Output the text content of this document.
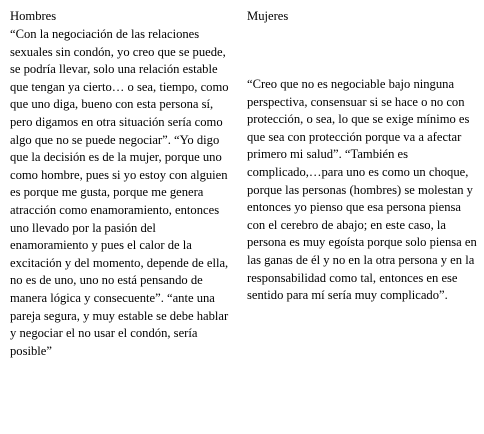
Hombres

“Con la negociación de las relaciones sexuales sin condón, yo creo que se puede, se podría llevar, solo una relación estable que tengan ya cierto… o sea, tiempo, como que uno diga, bueno con esta persona sí, pero digamos en otra situación sería como algo que no se puede negociar”. “Yo digo que la decisión es de la mujer, porque uno como hombre, pues si yo estoy con alguien es porque me gusta, porque me genera atracción como enamoramiento, entonces uno llevado por la pasión del enamoramiento y pues el calor de la excitación y del momento, depende de ella, no es de uno, uno no está pensando de manera lógica y consecuente”. “ante una pareja segura, y muy estable se debe hablar y negociar el no usar el condón, sería posible”

Mujeres

“Creo que no es negociable bajo ninguna perspectiva, consensuar si se hace o no con protección, o sea, lo que se exige mínimo es que sea con protección porque va a afectar primero mi salud”. “También es complicado,…para uno es como un choque, porque las personas (hombres) se molestan y entonces yo pienso que esa persona piensa con el cerebro de abajo; en este caso, la persona es muy egoísta porque solo piensa en las ganas de él y no en la otra persona y en la responsabilidad como tal, entonces en ese sentido para mí sería muy complicado”.
